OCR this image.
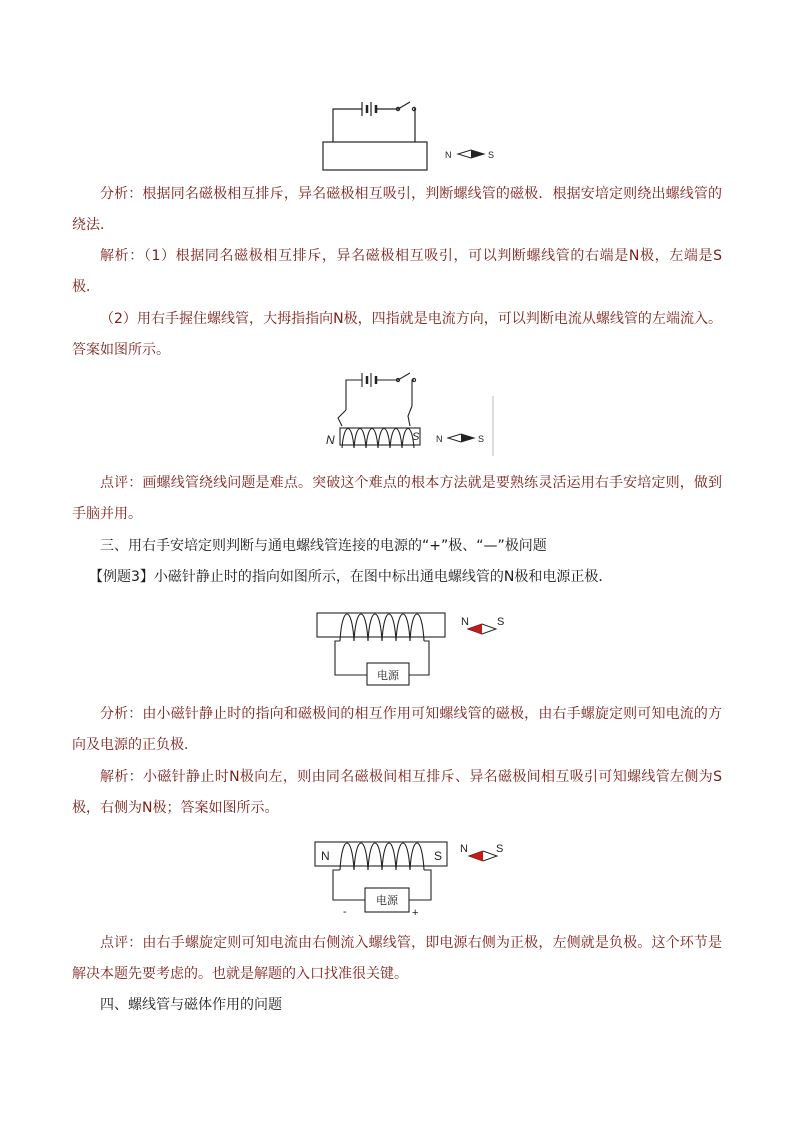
N	S

分析：根据同名磁极相互排斥，异名磁极相互吸引，判断螺线管的磁极．根据安培定则绕出螺线管的绕法．

解析：（1）根据同名磁极相互排斥，异名磁极相互吸引，可以判断螺线管的右端是N极，左端是S极．

（2）用右手握住螺线管，大拇指指向N极，四指就是电流方向，可以判断电流从螺线管的左端流入。答案如图所示。

N	S N	S

点评：画螺线管绕线问题是难点。突破这个难点的根本方法就是要熟练灵活运用右手安培定则，做到手脑并用。

三、用右手安培定则判断与通电螺线管连接的电源的“+”极、“—”极问题

【例题3】小磁针静止时的指向如图所示，在图中标出通电螺线管的N极和电源正极．

电源
N	S

分析：由小磁针静止时的指向和磁极间的相互作用可知螺线管的磁极，由右手螺旋定则可知电流的方向及电源的正负极．

解析：小磁针静止时N极向左，则由同名磁极间相互排斥、异名磁极间相互吸引可知螺线管左侧为S极，右侧为N极；答案如图所示。

N	S
电源
-	+
N	S

点评：由右手螺旋定则可知电流由右侧流入螺线管，即电源右侧为正极，左侧就是负极。这个环节是解决本题先要考虑的。也就是解题的入口找准很关键。

四、螺线管与磁体作用的问题
